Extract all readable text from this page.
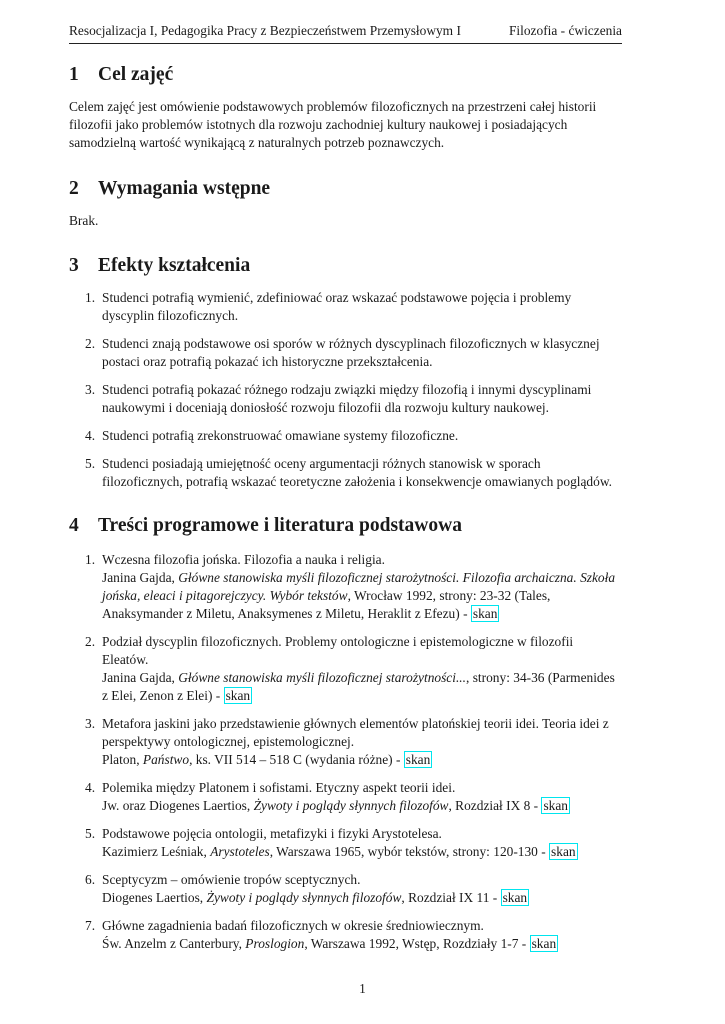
Resocjalizacja I, Pedagogika Pracy z Bezpieczeństwem Przemysłowym I	Filozofia - ćwiczenia
1 Cel zajęć

Celem zajęć jest omówienie podstawowych problemów filozoficznych na przestrzeni całej historii filozofii jako problemów istotnych dla rozwoju zachodniej kultury naukowej i posiadających samodzielną wartość wynikającą z naturalnych potrzeb poznawczych.

2 Wymagania wstępne

Brak.

3 Efekty kształcenia
1. Studenci potrafią wymienić, zdefiniować oraz wskazać podstawowe pojęcia i problemy dyscyplin filozoficznych.
2. Studenci znają podstawowe osi sporów w różnych dyscyplinach filozoficznych w klasycznej postaci oraz potrafią pokazać ich historyczne przekształcenia.
3. Studenci potrafią pokazać różnego rodzaju związki między filozofią i innymi dyscyplinami naukowymi i doceniają doniosłość rozwoju filozofii dla rozwoju kultury naukowej.
4. Studenci potrafią zrekonstruować omawiane systemy filozoficzne.
5. Studenci posiadają umiejętność oceny argumentacji różnych stanowisk w sporach filozoficznych, potrafią wskazać teoretyczne założenia i konsekwencje omawianych poglądów.
4 Treści programowe i literatura podstawowa
1. Wczesna filozofia jońska. Filozofia a nauka i religia.
Janina Gajda, Główne stanowiska myśli filozoficznej starożytności. Filozofia archaiczna. Szkoła jońska, eleaci i pitagorejczycy. Wybór tekstów, Wrocław 1992, strony: 23-32 (Tales, Anaksymander z Miletu, Anaksymenes z Miletu, Heraklit z Efezu) - skan
2. Podział dyscyplin filozoficznych. Problemy ontologiczne i epistemologiczne w filozofii Eleatów.
Janina Gajda, Główne stanowiska myśli filozoficznej starożytności..., strony: 34-36 (Parmenides z Elei, Zenon z Elei) - skan
3. Metafora jaskini jako przedstawienie głównych elementów platońskiej teorii idei. Teoria idei z perspektywy ontologicznej, epistemologicznej.
Platon, Państwo, ks. VII 514 – 518 C (wydania różne) - skan
4. Polemika między Platonem i sofistami. Etyczny aspekt teorii idei.
Jw. oraz Diogenes Laertios, Żywoty i poglądy słynnych filozofów, Rozdział IX 8 - skan
5. Podstawowe pojęcia ontologii, metafizyki i fizyki Arystotelesa.
Kazimierz Leśniak, Arystoteles, Warszawa 1965, wybór tekstów, strony: 120-130 - skan
6. Sceptycyzm – omówienie tropów sceptycznych.
Diogenes Laertios, Żywoty i poglądy słynnych filozofów, Rozdział IX 11 - skan
7. Główne zagadnienia badań filozoficznych w okresie średniowiecznym.
Św. Anzelm z Canterbury, Proslogion, Warszawa 1992, Wstęp, Rozdziały 1-7 - skan
1
